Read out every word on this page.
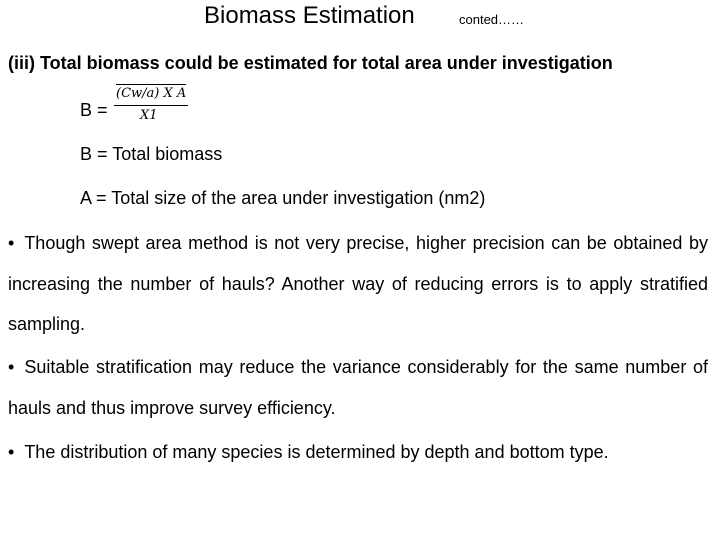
Biomass Estimation	conted……
(iii) Total biomass could be estimated for total area under investigation
B =
(Cw/a) X A
X1
B = Total biomass
A = Total size of the area under investigation (nm2)
• Though swept area method is not very precise, higher precision can be obtained by increasing the number of hauls? Another way of reducing errors is to apply stratified sampling.
• Suitable stratification may reduce the variance considerably for the same number of hauls and thus improve survey efficiency.
• The distribution of many species is determined by depth and bottom type.
